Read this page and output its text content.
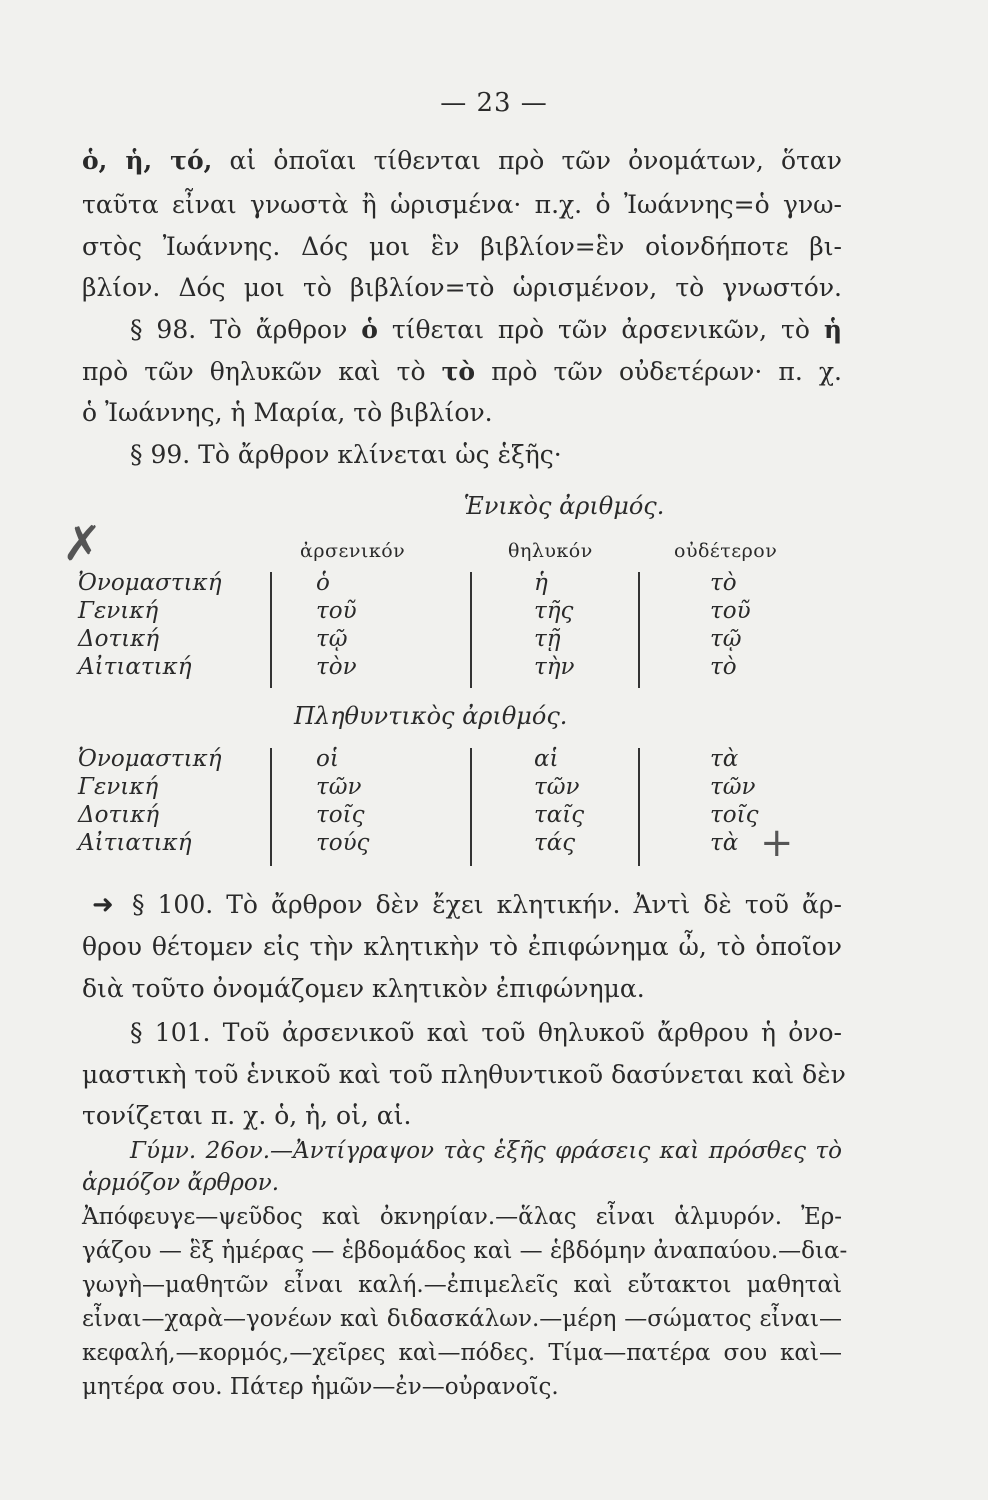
— 23 —
ὁ, ἡ, τό, αἱ ὁποῖαι τίθενται πρὸ τῶν ὀνομάτων, ὅταν
ταῦτα εἶναι γνωστὰ ἢ ὡρισμένα· π.χ. ὁ Ἰωάννης=ὁ γνω-
στὸς Ἰωάννης. Δός μοι ἓν βιβλίον=ἓν οἱονδήποτε βι-
βλίον. Δός μοι τὸ βιβλίον=τὸ ὡρισμένον, τὸ γνωστόν.
§ 98. Τὸ ἄρθρον ὁ τίθεται πρὸ τῶν ἀρσενικῶν, τὸ ἡ
πρὸ τῶν θηλυκῶν καὶ τὸ τὸ πρὸ τῶν οὐδετέρων· π. χ.
ὁ Ἰωάννης, ἡ Μαρία, τὸ βιβλίον.
§ 99. Τὸ ἄρθρον κλίνεται ὡς ἑξῆς·
Ἑνικὸς ἀριθμός.
✗	ἀρσενικόν	θηλυκόν	οὐδέτερον
Ὀνομαστική	ὁ	ἡ	τὸ
Γενική	τοῦ	τῆς	τοῦ
Δοτική	τῷ	τῇ	τῷ
Αἰτιατική	τὸν	τὴν	τὸ
Πληθυντικὸς ἀριθμός.
Ὀνομαστική	οἱ	αἱ	τὰ
Γενική	τῶν	τῶν	τῶν
Δοτική	τοῖς	ταῖς	τοῖς
Αἰτιατική	τούς	τάς	τὰ +
➜ § 100. Τὸ ἄρθρον δὲν ἔχει κλητικήν. Ἀντὶ δὲ τοῦ ἄρ-
θρου θέτομεν εἰς τὴν κλητικὴν τὸ ἐπιφώνημα ὦ, τὸ ὁποῖον
διὰ τοῦτο ὀνομάζομεν κλητικὸν ἐπιφώνημα.
§ 101. Τοῦ ἀρσενικοῦ καὶ τοῦ θηλυκοῦ ἄρθρου ἡ ὀνο-
μαστικὴ τοῦ ἑνικοῦ καὶ τοῦ πληθυντικοῦ δασύνεται καὶ δὲν
τονίζεται π. χ. ὁ, ἡ, οἱ, αἱ.
Γύμν. 26ον.—Ἀντίγραψον τὰς ἑξῆς φράσεις καὶ πρόσθες τὸ
ἁρμόζον ἄρθρον.
Ἀπόφευγε—ψεῦδος καὶ ὀκνηρίαν.—ἅλας εἶναι ἁλμυρόν. Ἐρ-
γάζου — ἓξ ἡμέρας — ἑβδομάδος καὶ — ἑβδόμην ἀναπαύου.—δια-
γωγὴ—μαθητῶν εἶναι καλή.—ἐπιμελεῖς καὶ εὔτακτοι μαθηταὶ
εἶναι—χαρὰ—γονέων καὶ διδασκάλων.—μέρη —σώματος εἶναι—
κεφαλή,—κορμός,—χεῖρες καὶ—πόδες. Τίμα—πατέρα σου καὶ—
μητέρα σου. Πάτερ ἡμῶν—ἐν—οὐρανοῖς.
